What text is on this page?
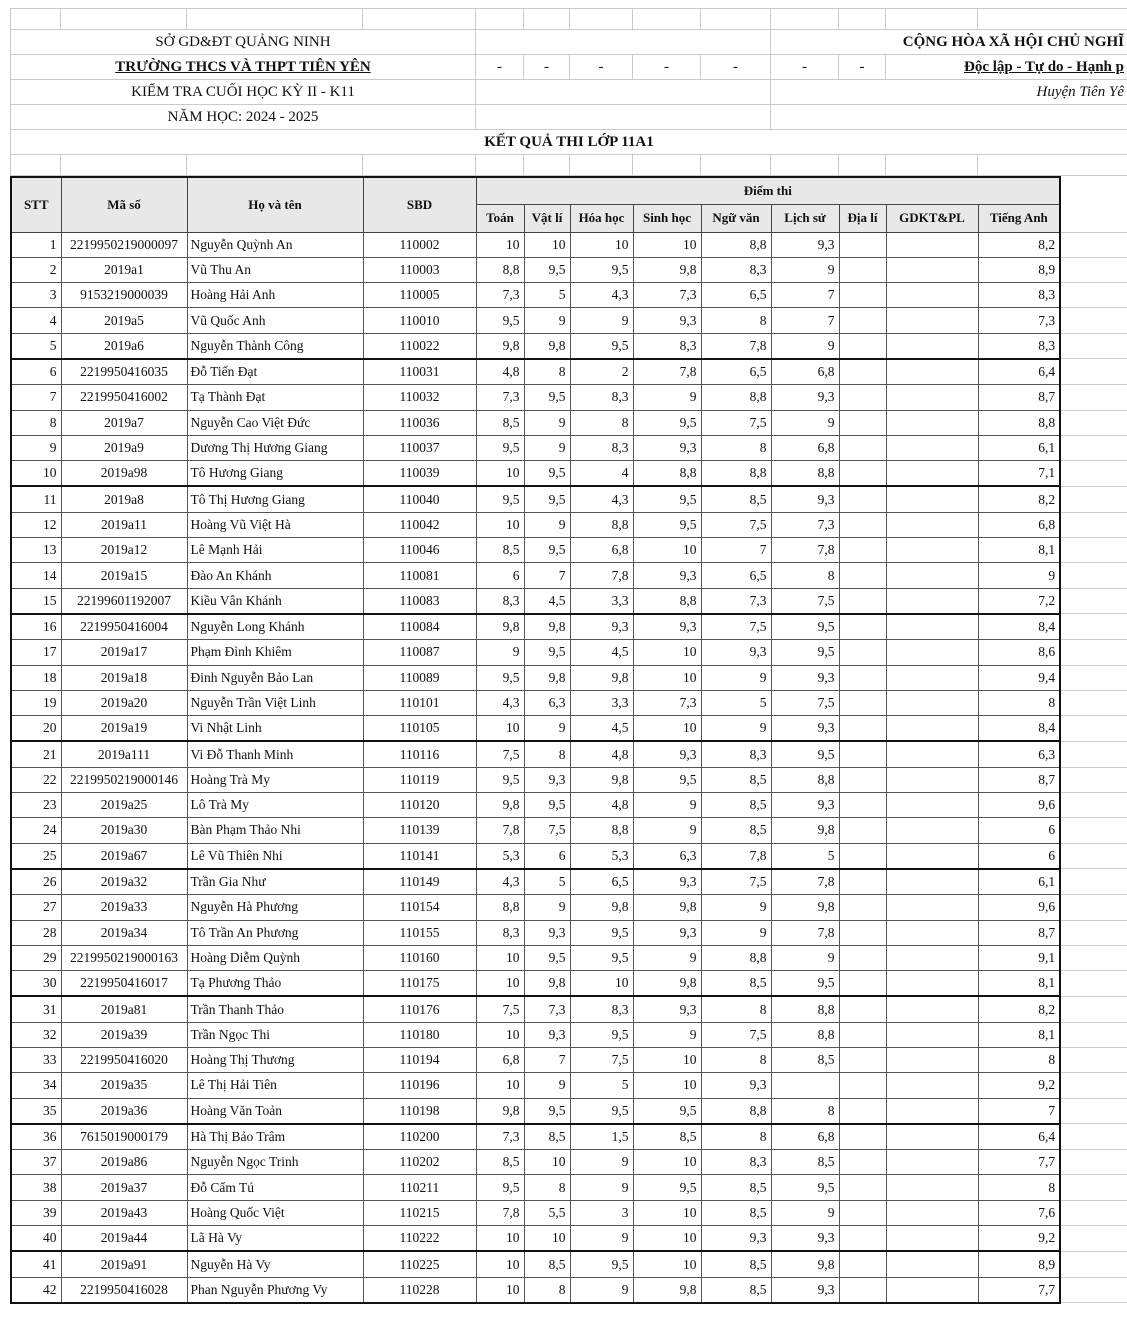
SỞ GD&ĐT QUẢNG NINH									CỘNG HÒA XÃ HỘI CHỦ NGHĨ			
TRƯỜNG THCS VÀ THPT TIÊN YÊN				-	-	-	-	-	-	-	Độc lập - Tự do - Hạnh p	
KIỂM TRA CUỐI HỌC KỲ II - K11									Huyện Tiên Yê			
NĂM HỌC: 2024 - 2025												
KẾT QUẢ THI LỚP 11A1												

STT	Mã số	Họ và tên	SBD	Điểm thi									
				Toán	Vật lí	Hóa học	Sinh học	Ngữ văn	Lịch sử	Địa lí	GDKT&PL	Tiếng Anh	
1	2219950219000097	Nguyễn Quỳnh An	110002	10	10	10	10	8,8	9,3			8,2	
2	2019a1	Vũ Thu An	110003	8,8	9,5	9,5	9,8	8,3	9			8,9	
3	9153219000039	Hoàng Hải Anh	110005	7,3	5	4,3	7,3	6,5	7			8,3	
4	2019a5	Vũ Quốc Anh	110010	9,5	9	9	9,3	8	7			7,3	
5	2019a6	Nguyễn Thành Công	110022	9,8	9,8	9,5	8,3	7,8	9			8,3	
6	2219950416035	Đỗ Tiến Đạt	110031	4,8	8	2	7,8	6,5	6,8			6,4	
7	2219950416002	Tạ Thành Đạt	110032	7,3	9,5	8,3	9	8,8	9,3			8,7	
8	2019a7	Nguyễn Cao Việt Đức	110036	8,5	9	8	9,5	7,5	9			8,8	
9	2019a9	Dương Thị Hương Giang	110037	9,5	9	8,3	9,3	8	6,8			6,1	
10	2019a98	Tô Hương Giang	110039	10	9,5	4	8,8	8,8	8,8			7,1	
11	2019a8	Tô Thị Hương Giang	110040	9,5	9,5	4,3	9,5	8,5	9,3			8,2	
12	2019a11	Hoàng Vũ Việt Hà	110042	10	9	8,8	9,5	7,5	7,3			6,8	
13	2019a12	Lê Mạnh Hải	110046	8,5	9,5	6,8	10	7	7,8			8,1	
14	2019a15	Đào An Khánh	110081	6	7	7,8	9,3	6,5	8			9	
15	22199601192007	Kiều Vân Khánh	110083	8,3	4,5	3,3	8,8	7,3	7,5			7,2	
16	2219950416004	Nguyễn Long Khánh	110084	9,8	9,8	9,3	9,3	7,5	9,5			8,4	
17	2019a17	Phạm Đình Khiêm	110087	9	9,5	4,5	10	9,3	9,5			8,6	
18	2019a18	Đinh Nguyễn Bảo Lan	110089	9,5	9,8	9,8	10	9	9,3			9,4	
19	2019a20	Nguyễn Trần Việt Linh	110101	4,3	6,3	3,3	7,3	5	7,5			8	
20	2019a19	Vi Nhật Linh	110105	10	9	4,5	10	9	9,3			8,4	
21	2019a111	Vi Đỗ Thanh Minh	110116	7,5	8	4,8	9,3	8,3	9,5			6,3	
22	2219950219000146	Hoàng Trà My	110119	9,5	9,3	9,8	9,5	8,5	8,8			8,7	
23	2019a25	Lô Trà My	110120	9,8	9,5	4,8	9	8,5	9,3			9,6	
24	2019a30	Bàn Phạm Thảo Nhi	110139	7,8	7,5	8,8	9	8,5	9,8			6	
25	2019a67	Lê Vũ Thiên Nhi	110141	5,3	6	5,3	6,3	7,8	5			6	
26	2019a32	Trần Gia Như	110149	4,3	5	6,5	9,3	7,5	7,8			6,1	
27	2019a33	Nguyễn Hà Phương	110154	8,8	9	9,8	9,8	9	9,8			9,6	
28	2019a34	Tô Trần An Phương	110155	8,3	9,3	9,5	9,3	9	7,8			8,7	
29	2219950219000163	Hoàng Diễm Quỳnh	110160	10	9,5	9,5	9	8,8	9			9,1	
30	2219950416017	Tạ Phương Thảo	110175	10	9,8	10	9,8	8,5	9,5			8,1	
31	2019a81	Trần Thanh Thảo	110176	7,5	7,3	8,3	9,3	8	8,8			8,2	
32	2019a39	Trần Ngọc Thi	110180	10	9,3	9,5	9	7,5	8,8			8,1	
33	2219950416020	Hoàng Thị Thương	110194	6,8	7	7,5	10	8	8,5			8	
34	2019a35	Lê Thị Hải Tiên	110196	10	9	5	10	9,3				9,2	
35	2019a36	Hoàng Văn Toản	110198	9,8	9,5	9,5	9,5	8,8	8			7	
36	7615019000179	Hà Thị Bảo Trâm	110200	7,3	8,5	1,5	8,5	8	6,8			6,4	
37	2019a86	Nguyễn Ngọc Trinh	110202	8,5	10	9	10	8,3	8,5			7,7	
38	2019a37	Đỗ Cẩm Tú	110211	9,5	8	9	9,5	8,5	9,5			8	
39	2019a43	Hoàng Quốc Việt	110215	7,8	5,5	3	10	8,5	9			7,6	
40	2019a44	Lã Hà Vy	110222	10	10	9	10	9,3	9,3			9,2	
41	2019a91	Nguyễn Hà Vy	110225	10	8,5	9,5	10	8,5	9,8			8,9	
42	2219950416028	Phan Nguyễn Phương Vy	110228	10	8	9	9,8	8,5	9,3			7,7	
